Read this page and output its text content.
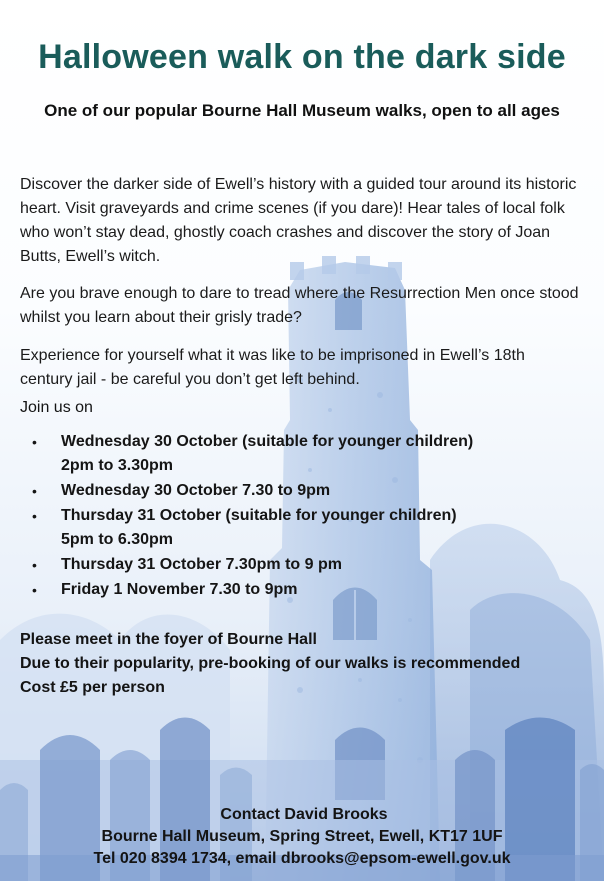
Halloween walk on the dark side

One of our popular Bourne Hall Museum walks, open to all ages

Discover the darker side of Ewell’s history with a guided tour around its historic heart. Visit graveyards and crime scenes (if you dare)! Hear tales of local folk who won’t stay dead, ghostly coach crashes and discover the story of Joan Butts, Ewell’s witch.

Are you brave enough to dare to tread where the Resurrection Men once stood whilst you learn about their grisly trade?

Experience for yourself what it was like to be imprisoned in Ewell’s 18th century jail - be careful you don’t get left behind.

Join us on

• Wednesday 30 October (suitable for younger children)
2pm to 3.30pm
• Wednesday 30 October 7.30 to 9pm
• Thursday 31 October (suitable for younger children)
5pm to 6.30pm
• Thursday 31 October 7.30pm to 9 pm
• Friday 1 November 7.30 to 9pm
Please meet in the foyer of Bourne Hall
Due to their popularity, pre-booking of our walks is recommended
Cost £5 per person
Contact David Brooks
Bourne Hall Museum, Spring Street, Ewell, KT17 1UF
Tel 020 8394 1734, email dbrooks@epsom-ewell.gov.uk
